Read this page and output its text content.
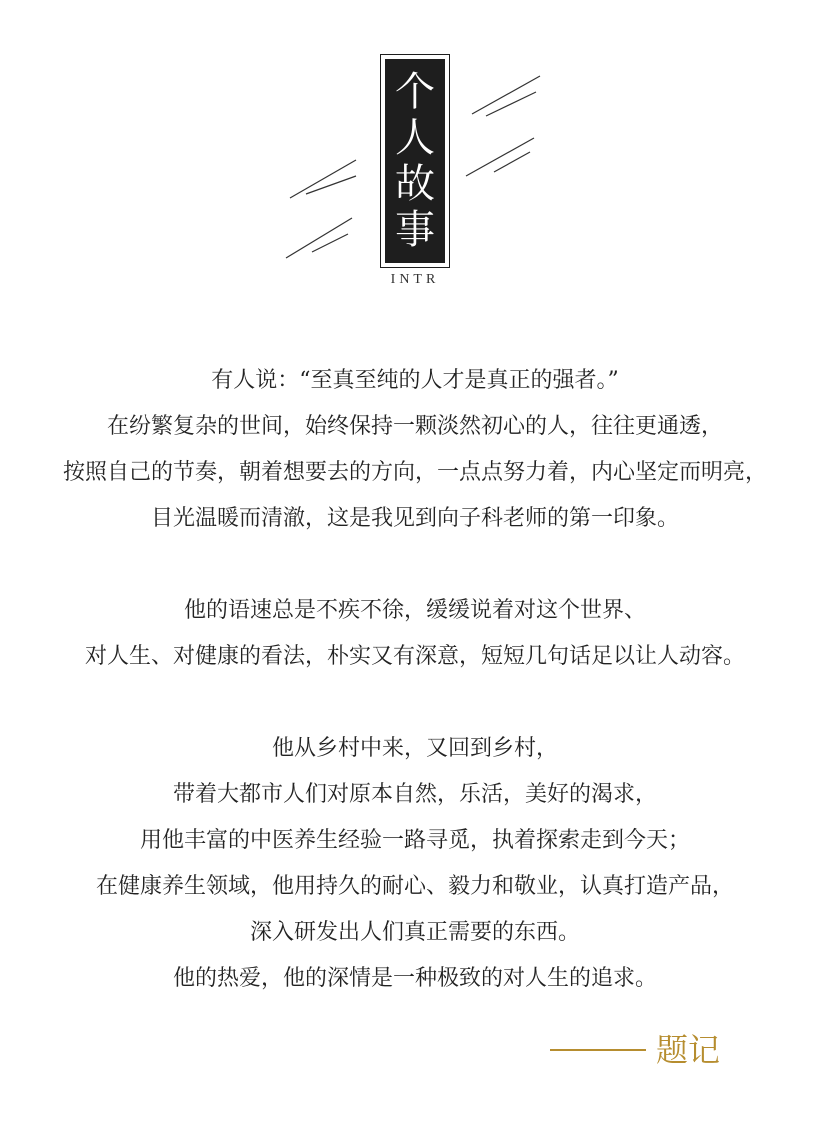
个
人
故
事
INTR
有人说：“至真至纯的人才是真正的强者。”
在纷繁复杂的世间，始终保持一颗淡然初心的人，往往更通透，
按照自己的节奏，朝着想要去的方向，一点点努力着，内心坚定而明亮，
目光温暖而清澈，这是我见到向子科老师的第一印象。
他的语速总是不疾不徐，缓缓说着对这个世界、
对人生、对健康的看法，朴实又有深意，短短几句话足以让人动容。
他从乡村中来，又回到乡村，
带着大都市人们对原本自然，乐活，美好的渴求，
用他丰富的中医养生经验一路寻觅，执着探索走到今天；
在健康养生领域，他用持久的耐心、毅力和敬业，认真打造产品，
深入研发出人们真正需要的东西。
他的热爱，他的深情是一种极致的对人生的追求。
题记
